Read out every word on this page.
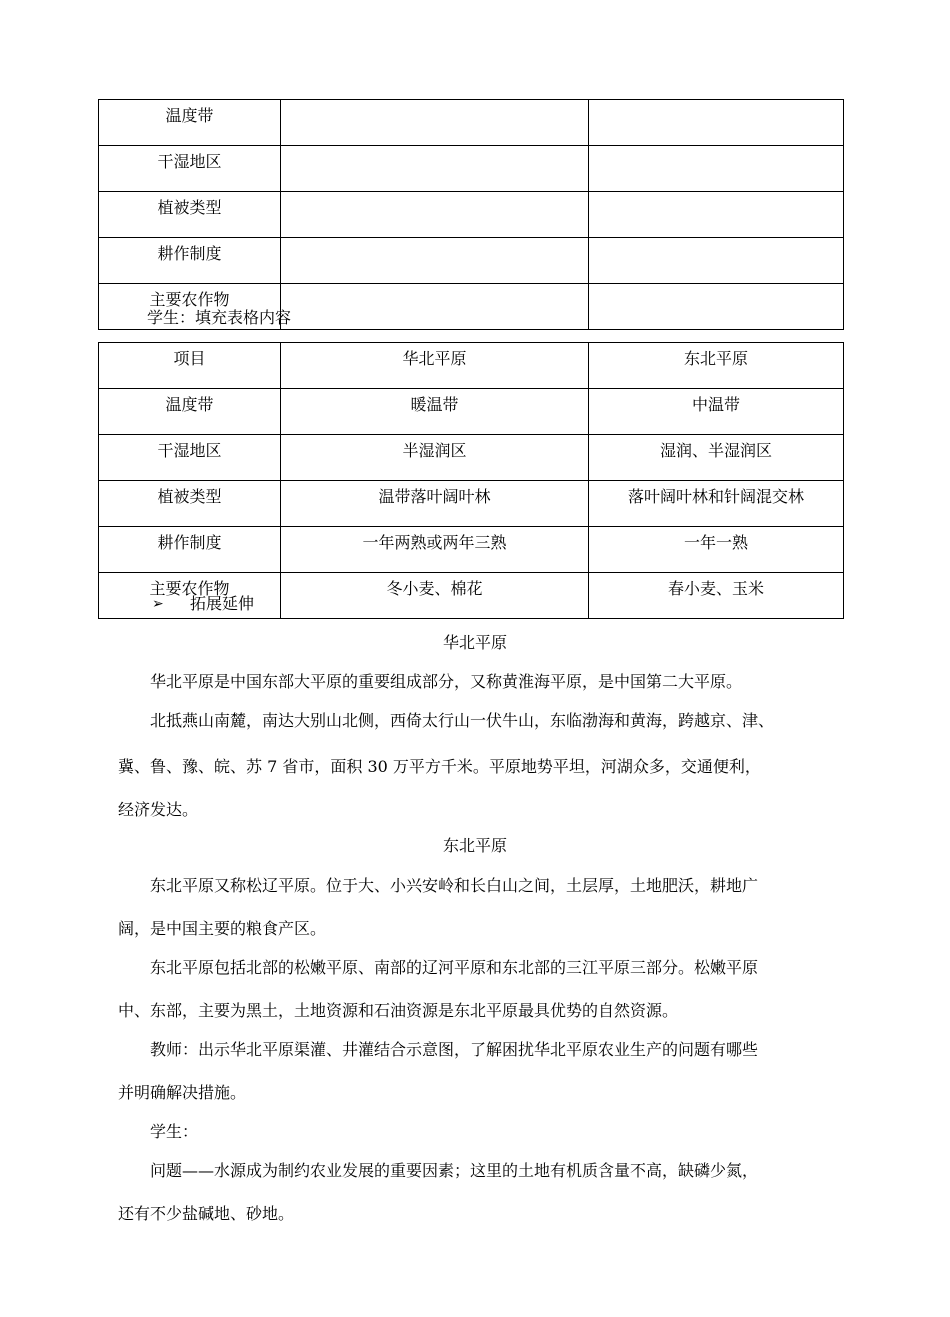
温度带		
干湿地区		
植被类型		
耕作制度		
主要农作物		
学生：填充表格内容
项目	华北平原	东北平原
温度带	暖温带	中温带
干湿地区	半湿润区	湿润、半湿润区
植被类型	温带落叶阔叶林	落叶阔叶林和针阔混交林
耕作制度	一年两熟或两年三熟	一年一熟
主要农作物	冬小麦、棉花	春小麦、玉米
➢ 拓展延伸
华北平原
华北平原是中国东部大平原的重要组成部分，又称黄淮海平原，是中国第二大平原。
北抵燕山南麓，南达大别山北侧，西倚太行山一伏牛山，东临渤海和黄海，跨越京、津、
冀、鲁、豫、皖、苏 7 省市，面积 30 万平方千米。平原地势平坦，河湖众多，交通便利，
经济发达。
东北平原
东北平原又称松辽平原。位于大、小兴安岭和长白山之间，土层厚，土地肥沃，耕地广
阔，是中国主要的粮食产区。
东北平原包括北部的松嫩平原、南部的辽河平原和东北部的三江平原三部分。松嫩平原
中、东部，主要为黑土，土地资源和石油资源是东北平原最具优势的自然资源。
教师：出示华北平原渠灌、井灌结合示意图，了解困扰华北平原农业生产的问题有哪些
并明确解决措施。
学生：
问题——水源成为制约农业发展的重要因素；这里的土地有机质含量不高，缺磷少氮，
还有不少盐碱地、砂地。
